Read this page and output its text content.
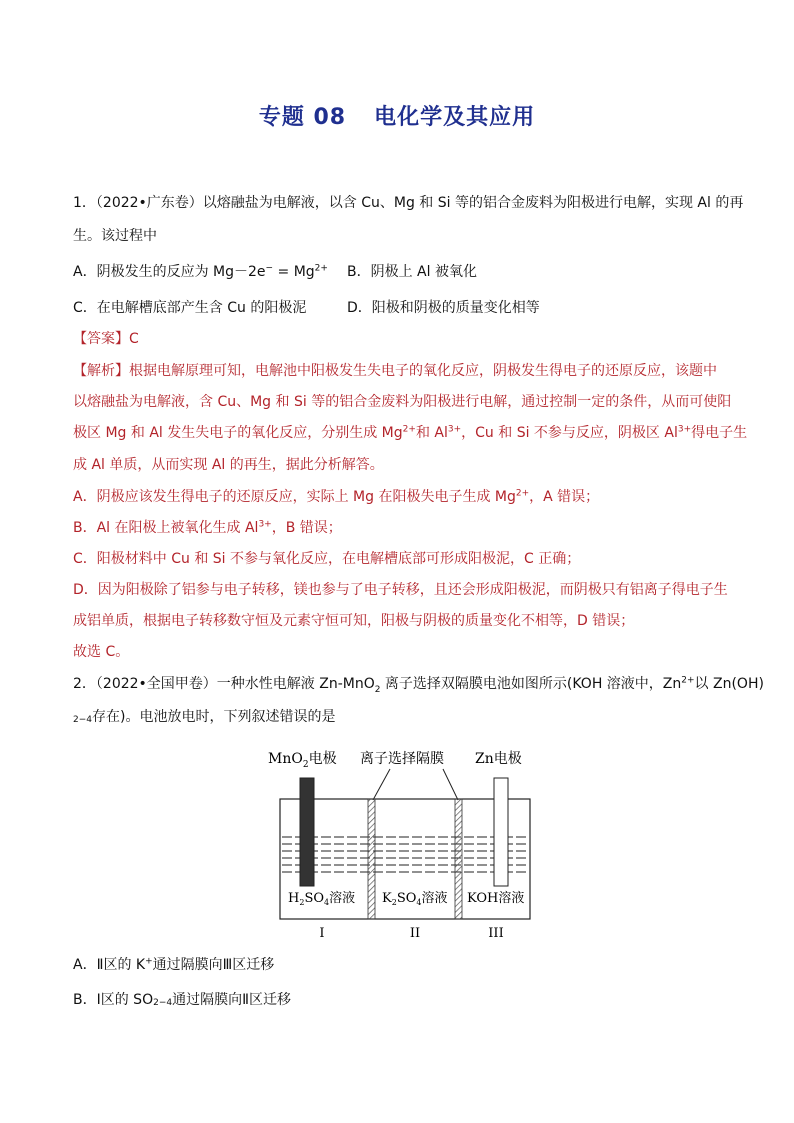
专题 08 电化学及其应用
1．（2022•广东卷）以熔融盐为电解液，以含 Cu、Mg 和 Si 等的铝合金废料为阳极进行电解，实现 Al 的再
生。该过程中
A．阴极发生的反应为 $Mg-2e^- = Mg^{2+}$ B．阴极上 Al 被氧化
C．在电解槽底部产生含 Cu 的阳极泥	D．阳极和阴极的质量变化相等
【答案】C
【解析】根据电解原理可知，电解池中阳极发生失电子的氧化反应，阴极发生得电子的还原反应，该题中
以熔融盐为电解液，含 Cu、Mg 和 Si 等的铝合金废料为阳极进行电解，通过控制一定的条件，从而可使阳
极区 Mg 和 Al 发生失电子的氧化反应，分别生成 $Mg^{2+}$和 $Al^{3+}$，Cu 和 Si 不参与反应，阴极区 $Al^{3+}$得电子生
成 Al 单质，从而实现 Al 的再生，据此分析解答。
A．阴极应该发生得电子的还原反应，实际上 Mg 在阳极失电子生成 $Mg^{2+}$，A 错误；
B．Al 在阳极上被氧化生成 $Al^{3+}$，B 错误；
C．阳极材料中 Cu 和 Si 不参与氧化反应，在电解槽底部可形成阳极泥，C 正确；
D．因为阳极除了铝参与电子转移，镁也参与了电子转移，且还会形成阳极泥，而阴极只有铝离子得电子生
成铝单质，根据电子转移数守恒及元素守恒可知，阳极与阴极的质量变化不相等，D 错误；
故选 C。
2．（2022•全国甲卷）一种水性电解液 Zn-MnO$_2$ 离子选择双隔膜电池如图所示(KOH 溶液中，$Zn^{2+}$以 Zn(OH)
2−4存在)。电池放电时，下列叙述错误的是
MnO$_2$电极 离子选择隔膜 Zn电极
$H_2SO_4$溶液 $K_2SO_4$溶液 KOH溶液
I	II	III
A．Ⅱ区的 K+通过隔膜向Ⅲ区迁移
B．Ⅰ区的 SO2−4通过隔膜向Ⅱ区迁移
